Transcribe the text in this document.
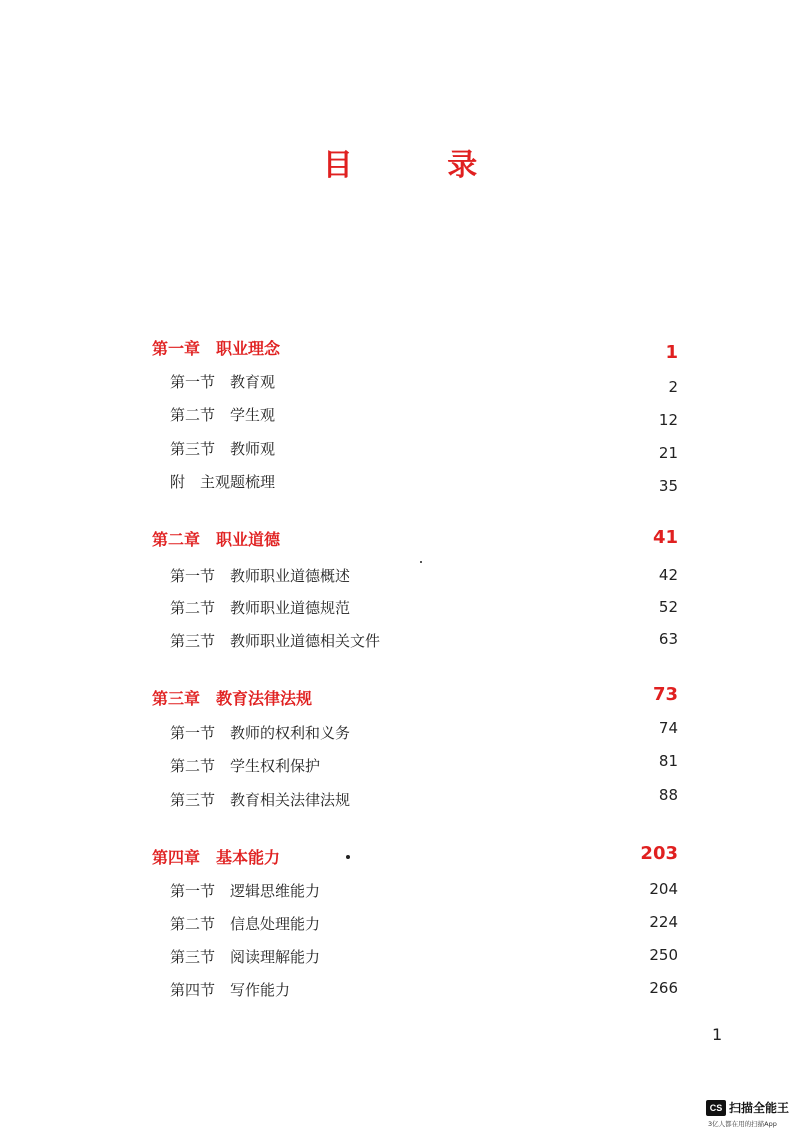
目 录
第一章　职业理念	1
第一节　教育观	2
第二节　学生观	12
第三节　教师观	21
附　主观题梳理	35
第二章　职业道德	41
第一节　教师职业道德概述	42
第二节　教师职业道德规范	52
第三节　教师职业道德相关文件	63
第三章　教育法律法规	73
第一节　教师的权利和义务	74
第二节　学生权利保护	81
第三节　教育相关法律法规	88
第四章　基本能力	203
第一节　逻辑思维能力	204
第二节　信息处理能力	224
第三节　阅读理解能力	250
第四节　写作能力	266
1
CS 扫描全能王
3亿人都在用的扫描App
